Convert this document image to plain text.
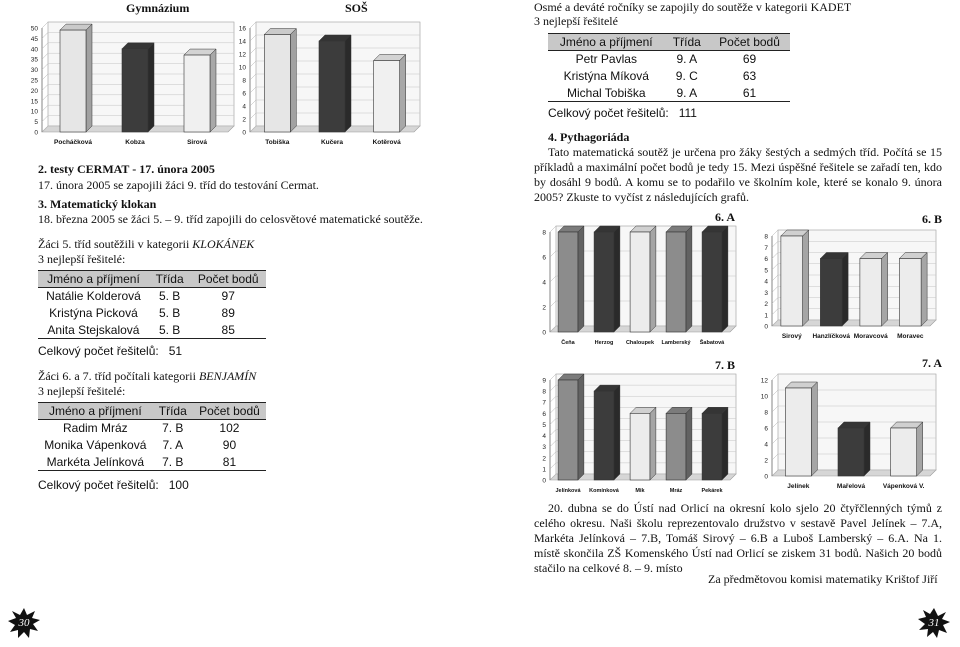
Gymnázium	SOŠ
0
5
10
15
20
25
30
35
40
45
50
Pocháčková	Kobza	Sirová
0
2
4
6
8
10
12
14
16
Tobiška	Kučera	Kotěrová
2. testy CERMAT - 17. února 2005
17. února 2005 se zapojili žáci 9. tříd do testování Cermat.
3. Matematický klokan
18. března 2005 se žáci 5. – 9. tříd zapojili do celosvětové matematické soutěže.
Žáci 5. tříd soutěžili v kategorii KLOKÁNEK
3 nejlepší řešitelé:
Jméno a příjmení	Třída	Počet bodů
Natálie Kolderová	5. B	97
Kristýna Picková	5. B	89
Anita Stejskalová	5. B	85
Celkový počet řešitelů:   51
Žáci 6. a 7. tříd počítali kategorii BENJAMÍN
3 nejlepší řešitelé:
Jméno a příjmení	Třída	Počet bodů
Radim Mráz	7. B	102
Monika Vápenková	7. A	90
Markéta Jelínková	7. B	81
Celkový počet řešitelů:   100
30
Osmé a deváté ročníky se zapojily do soutěže v kategorii KADET
3 nejlepší řešitelé
Jméno a příjmení	Třída	Počet bodů
Petr Pavlas	9. A	69
Kristýna Míková	9. C	63
Michal Tobiška	9. A	61
Celkový počet řešitelů:   111
4. Pythagoriáda
Tato matematická soutěž je určena pro žáky šestých a sedmých tříd. Počítá se 15 příkladů a maximální počet bodů je tedy 15. Mezi úspěšné řešitele se zařadí ten, kdo by dosáhl 9 bodů. A komu se to podařilo ve školním kole, které se konalo 9. února 2005? Zkuste to vyčíst z následujících grafů.
6. A	6. B
0
2
4
6
8
Čeňa	Herzog Chaloupek Lamberský Šabatová
0
1
2
3
4
5
6
7
8
Sirový Hanzlíčková Moravcová Moravec
7. B	7. A
0
1
2
3
4
5
6
7
8
9
Jelínková Komínková	Mik	Mráz	Pekárek
0
2
4
6
8
10
12
Jelínek	Mařelová	Vápenková V.
20. dubna se do Ústí nad Orlicí na okresní kolo sjelo 20 čtyřčlenných týmů z celého okresu. Naši školu reprezentovalo družstvo v sestavě Pavel Jelínek – 7.A, Markéta Jelínková – 7.B, Tomáš Sirový – 6.B a Luboš Lamberský – 6.A. Na 1. místě skončila ZŠ Komenského Ústí nad Orlicí se ziskem 31 bodů. Našich 20 bodů stačilo na celkové 8. – 9. místo
Za předmětovou komisi matematiky Krištof Jiří
31
